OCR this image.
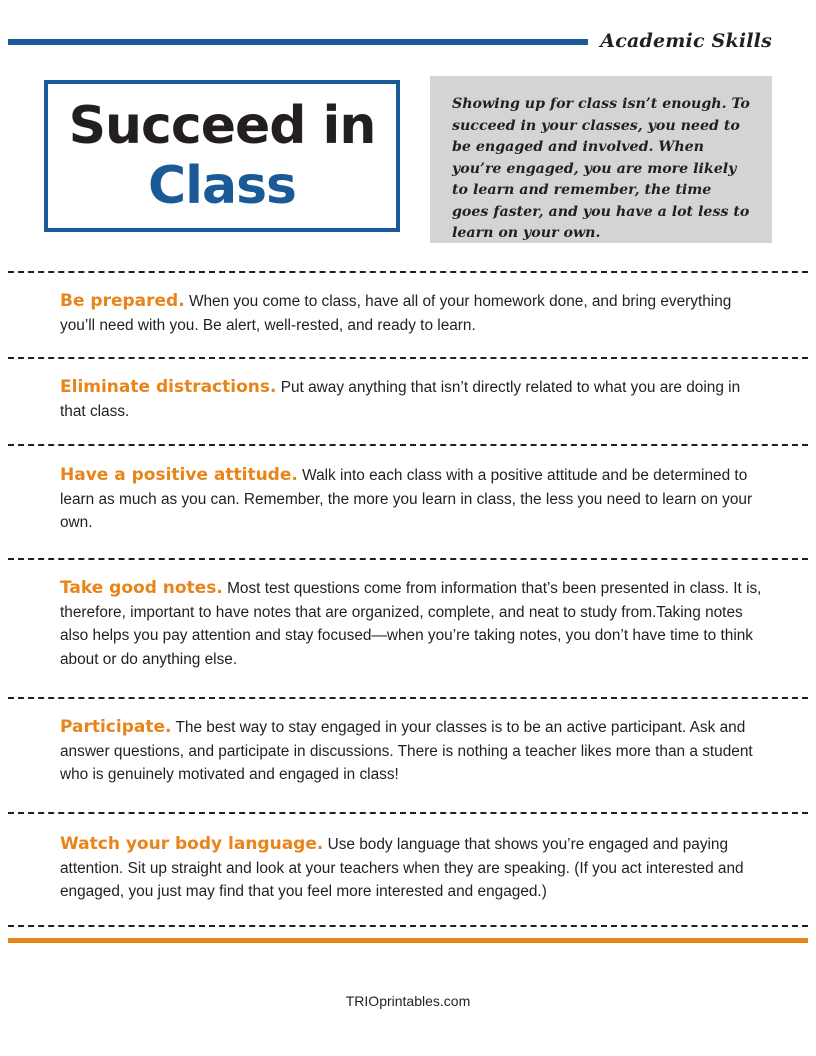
Academic Skills
Succeed in
Class
Showing up for class isn’t enough. To succeed in your classes, you need to be engaged and involved. When you’re engaged, you are more likely to learn and remember, the time goes faster, and you have a lot less to learn on your own.
Be prepared. When you come to class, have all of your homework done, and bring everything you’ll need with you. Be alert, well-rested, and ready to learn.
Eliminate distractions. Put away anything that isn’t directly related to what you are doing in that class.
Have a positive attitude. Walk into each class with a positive attitude and be determined to learn as much as you can. Remember, the more you learn in class, the less you need to learn on your own.
Take good notes. Most test questions come from information that’s been presented in class. It is, therefore, important to have notes that are organized, complete, and neat to study from.Taking notes also helps you pay attention and stay focused—when you’re taking notes, you don’t have time to think about or do anything else.
Participate. The best way to stay engaged in your classes is to be an active participant. Ask and answer questions, and participate in discussions. There is nothing a teacher likes more than a student who is genuinely motivated and engaged in class!
Watch your body language. Use body language that shows you’re engaged and paying attention. Sit up straight and look at your teachers when they are speaking. (If you act interested and engaged, you just may find that you feel more interested and engaged.)
TRIOprintables.com
